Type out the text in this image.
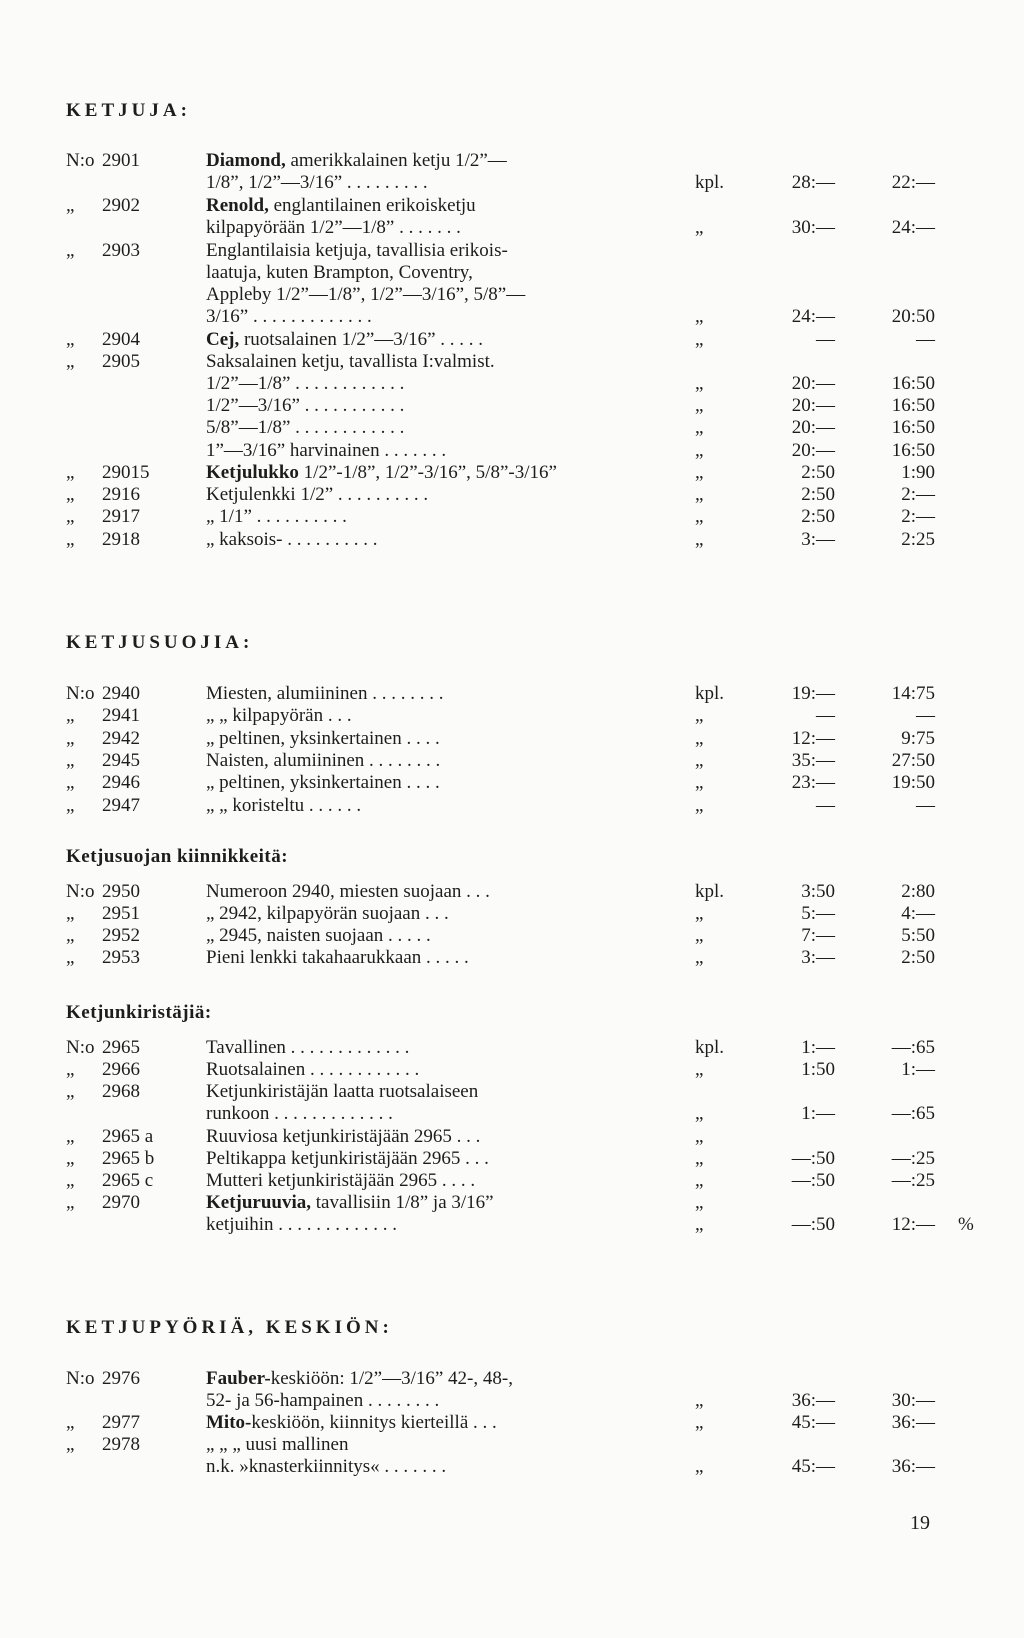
KETJUJA:
KETJUSUOJIA:
Ketjusuojan kiinnikkeitä:
Ketjunkiristäjiä:
KETJUPYÖRIÄ, KESKIÖN:
N:o 2901	Diamond, amerikkalainen ketju 1/2”—
1/8”, 1/2”—3/16” . . . . . . . . .	kpl.	28:—	22:—
„ 2902	Renold, englantilainen erikoisketju
kilpapyörään 1/2”—1/8” . . . . . . .	„	30:—	24:—
„ 2903	Englantilaisia ketjuja, tavallisia erikois-
laatuja, kuten Brampton, Coventry,
Appleby 1/2”—1/8”, 1/2”—3/16”, 5/8”—
3/16” . . . . . . . . . . . . .	„	24:—	20:50
„ 2904	Cej, ruotsalainen 1/2”—3/16” . . . . .	„	—	—
„ 2905	Saksalainen ketju, tavallista I:valmist.
1/2”—1/8” . . . . . . . . . . . .	„	20:—	16:50
1/2”—3/16” . . . . . . . . . . .	„	20:—	16:50
5/8”—1/8” . . . . . . . . . . . .	„	20:—	16:50
1”—3/16” harvinainen . . . . . . .	„	20:—	16:50
„ 29015	Ketjulukko 1/2”-1/8”, 1/2”-3/16”, 5/8”-3/16”	„	2:50	1:90
„ 2916	Ketjulenkki 1/2” . . . . . . . . . .	„	2:50	2:—
„ 2917	„ 1/1” . . . . . . . . . .	„	2:50	2:—
„ 2918	„ kaksois- . . . . . . . . . .	„	3:—	2:25
N:o 2940	Miesten, alumiininen . . . . . . . .	kpl.	19:—	14:75
„ 2941	„ „ kilpapyörän . . .	„	—	—
„ 2942	„ peltinen, yksinkertainen . . . .	„	12:—	9:75
„ 2945	Naisten, alumiininen . . . . . . . .	„	35:—	27:50
„ 2946	„ peltinen, yksinkertainen . . . .	„	23:—	19:50
„ 2947	„ „ koristeltu . . . . . .	„	—	—
N:o 2950	Numeroon 2940, miesten suojaan . . .	kpl.	3:50	2:80
„ 2951	„ 2942, kilpapyörän suojaan . . .	„	5:—	4:—
„ 2952	„ 2945, naisten suojaan . . . . .	„	7:—	5:50
„ 2953	Pieni lenkki takahaarukkaan . . . . .	„	3:—	2:50
N:o 2965	Tavallinen . . . . . . . . . . . . .	kpl.	1:—	—:65
„ 2966	Ruotsalainen . . . . . . . . . . . .	„	1:50	1:—
„ 2968	Ketjunkiristäjän laatta ruotsalaiseen
runkoon . . . . . . . . . . . . .	„	1:—	—:65
„ 2965 a	Ruuviosa ketjunkiristäjään 2965 . . .	„
„ 2965 b	Peltikappa ketjunkiristäjään 2965 . . .	„	—:50	—:25
„ 2965 c	Mutteri ketjunkiristäjään 2965 . . . .	„	—:50	—:25
„ 2970	Ketjuruuvia, tavallisiin 1/8” ja 3/16”	„
ketjuihin . . . . . . . . . . . . .	„	—:50	12:— %
N:o 2976	Fauber-keskiöön: 1/2”—3/16” 42-, 48-,
52- ja 56-hampainen . . . . . . . .	„	36:—	30:—
„ 2977	Mito-keskiöön, kiinnitys kierteillä . . .	„	45:—	36:—
„ 2978	„ „ „ uusi mallinen
n.k. »knasterkiinnitys« . . . . . . .	„	45:—	36:—
19
